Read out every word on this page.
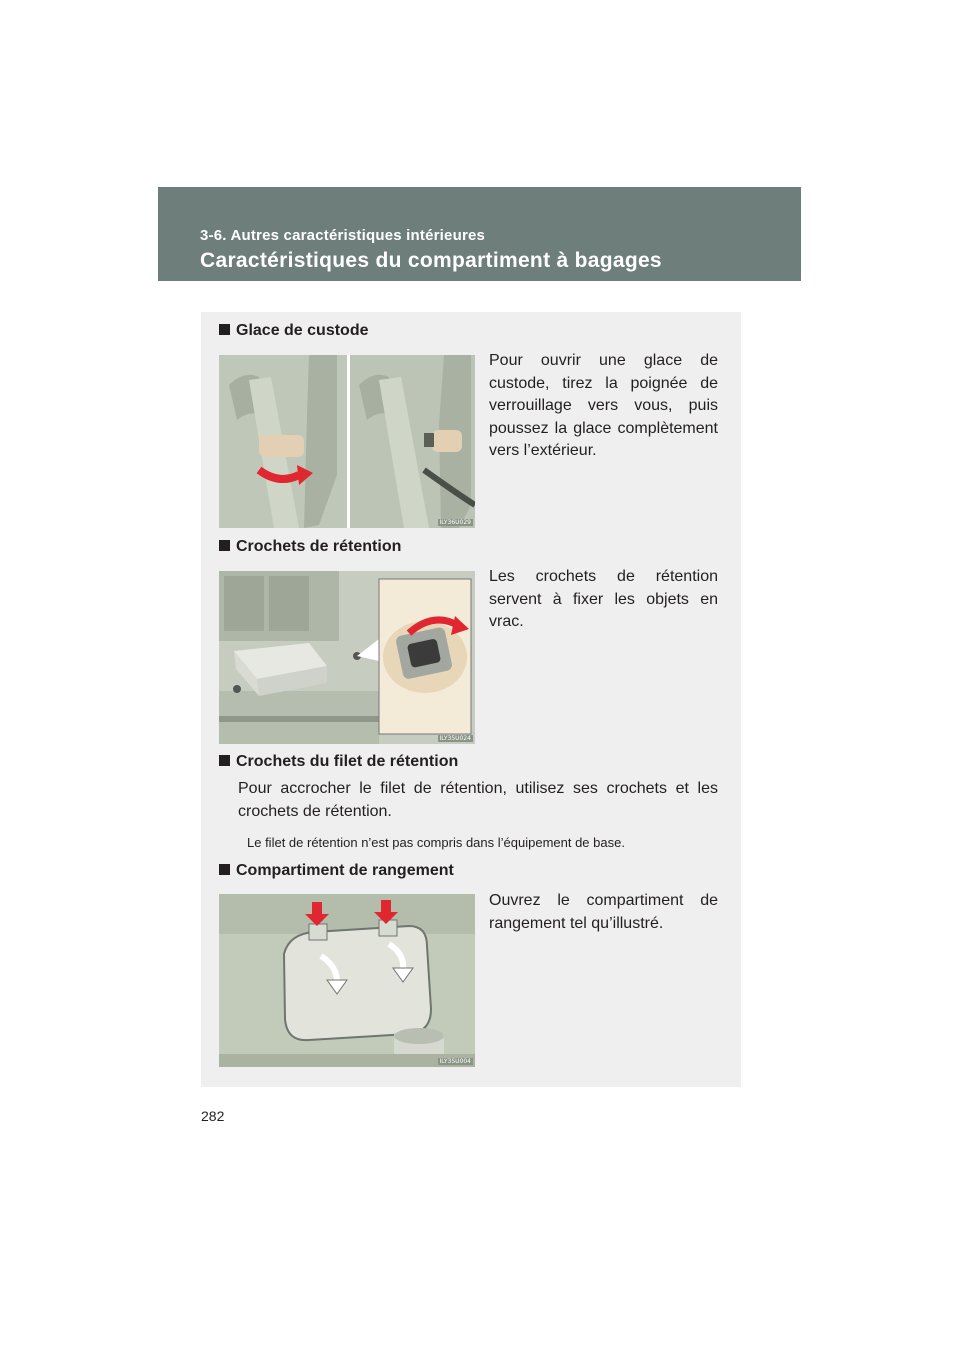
3-6. Autres caractéristiques intérieures
Caractéristiques du compartiment à bagages
Glace de custode
ILY36U029
Pour ouvrir une glace de custode, tirez la poignée de verrouillage vers vous, puis poussez la glace complètement vers l’extérieur.
Crochets de rétention
ILY35U024
Les crochets de rétention servent à fixer les objets en vrac.
Crochets du filet de rétention
Pour accrocher le filet de rétention, utilisez ses crochets et les crochets de rétention.
Le filet de rétention n’est pas compris dans l’équipement de base.
Compartiment de rangement
ILY35U004
Ouvrez le compartiment de rangement tel qu’illustré.
282
